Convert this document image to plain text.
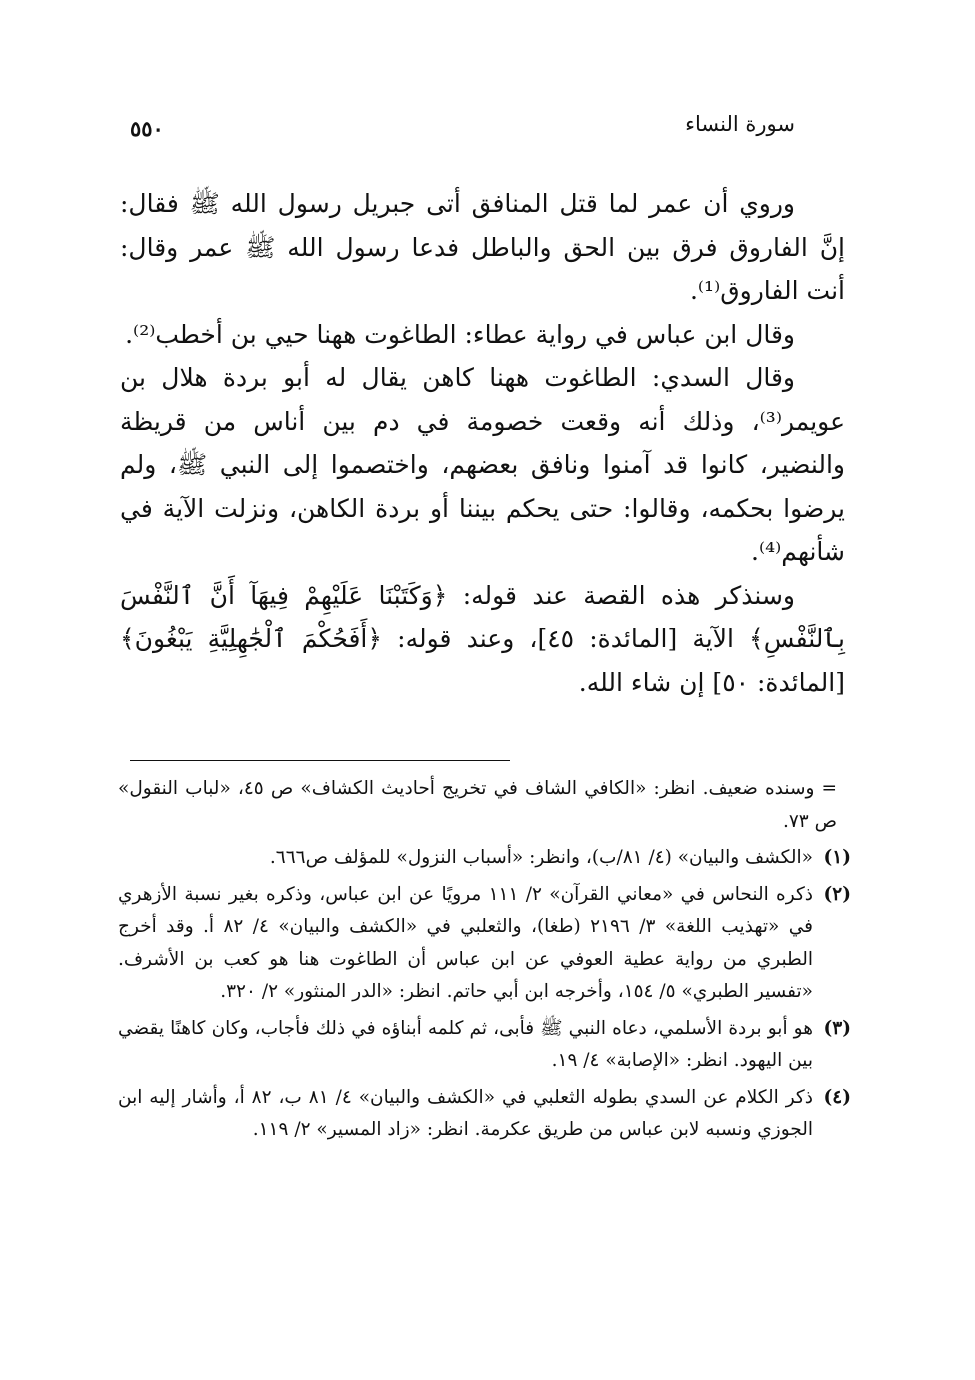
سورة النساء
٥٥٠

وروي أن عمر لما قتل المنافق أتى جبريل رسول الله ﷺ فقال: إنَّ الفاروق فرق بين الحق والباطل فدعا رسول الله ﷺ عمر وقال: أنت الفاروق⁽¹⁾.

وقال ابن عباس في رواية عطاء: الطاغوت ههنا حيي بن أخطب⁽²⁾.

وقال السدي: الطاغوت ههنا كاهن يقال له أبو بردة هلال بن عويمر⁽³⁾، وذلك أنه وقعت خصومة في دم بين أناس من قريظة والنضير، كانوا قد آمنوا ونافق بعضهم، واختصموا إلى النبي ﷺ، ولم يرضوا بحكمه، وقالوا: حتى يحكم بيننا أو بردة الكاهن، ونزلت الآية في شأنهم⁽⁴⁾.

وسنذكر هذه القصة عند قوله: ﴿وَكَتَبْنَا عَلَيْهِمْ فِيهَآ أَنَّ ٱلنَّفْسَ بِٱلنَّفْسِ﴾ الآية [المائدة: ٤٥]، وعند قوله: ﴿أَفَحُكْمَ ٱلْجَٰهِلِيَّةِ يَبْغُونَ﴾ [المائدة: ٥٠] إن شاء الله.

= وسنده ضعيف. انظر: «الكافي الشاف في تخريج أحاديث الكشاف» ص ٤٥، «لباب النقول» ص ٧٣.
(١)
«الكشف والبيان» (٤/ ٨١/ب)، وانظر: «أسباب النزول» للمؤلف ص٦٦٦.
(٢)
ذكره النحاس في «معاني القرآن» ٢/ ١١١ مرويًا عن ابن عباس، وذكره بغير نسبة الأزهري في «تهذيب اللغة» ٣/ ٢١٩٦ (طغا)، والثعلبي في «الكشف والبيان» ٤/ ٨٢ أ. وقد أخرج الطبري من رواية عطية العوفي عن ابن عباس أن الطاغوت هنا هو كعب بن الأشرف. «تفسير الطبري» ٥/ ١٥٤، وأخرجه ابن أبي حاتم. انظر: «الدر المنثور» ٢/ ٣٢٠.
(٣)
هو أبو بردة الأسلمي، دعاه النبي ﷺ فأبى، ثم كلمه أبناؤه في ذلك فأجاب، وكان كاهنًا يقضي بين اليهود. انظر: «الإصابة» ٤/ ١٩.
(٤)
ذكر الكلام عن السدي بطوله الثعلبي في «الكشف والبيان» ٤/ ٨١ ب، ٨٢ أ، وأشار إليه ابن الجوزي ونسبه لابن عباس من طريق عكرمة. انظر: «زاد المسير» ٢/ ١١٩.
